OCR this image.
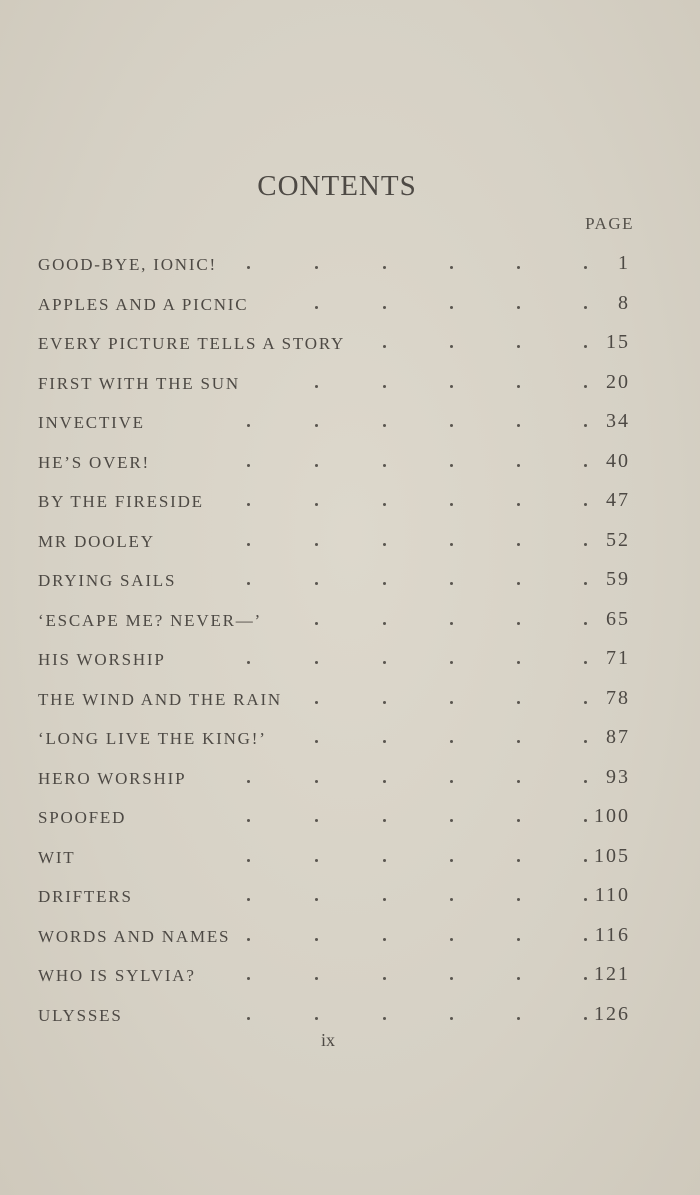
CONTENTS
PAGE
GOOD-BYE, IONIC!	1
APPLES AND A PICNIC	8
EVERY PICTURE TELLS A STORY	15
FIRST WITH THE SUN	20
INVECTIVE	34
HE’S OVER!	40
BY THE FIRESIDE	47
MR DOOLEY	52
DRYING SAILS	59
‘ESCAPE ME? NEVER—’	65
HIS WORSHIP	71
THE WIND AND THE RAIN	78
‘LONG LIVE THE KING!’	87
HERO WORSHIP	93
SPOOFED	100
WIT	105
DRIFTERS	110
WORDS AND NAMES	116
WHO IS SYLVIA?	121
ULYSSES	126
ix
